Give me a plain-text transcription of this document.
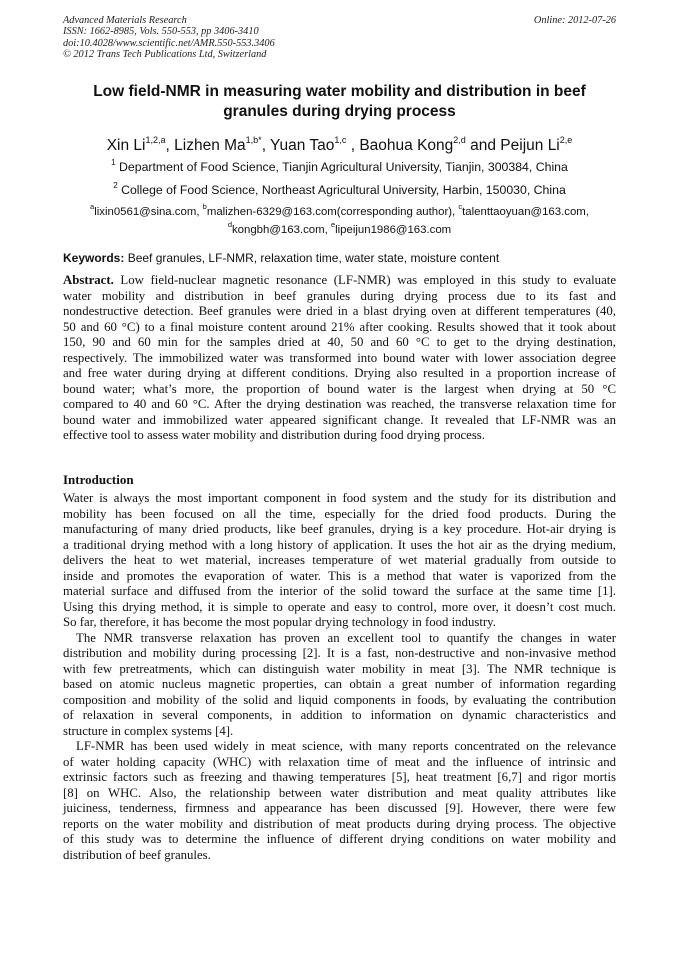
Advanced Materials Research
ISSN: 1662-8985, Vols. 550-553, pp 3406-3410
doi:10.4028/www.scientific.net/AMR.550-553.3406
© 2012 Trans Tech Publications Ltd, Switzerland
Online: 2012-07-26
Low field-NMR in measuring water mobility and distribution in beef
granules during drying process
Xin Li$^{1,2,a}$, Lizhen $Ma^{1,b*}$, Yuan Tao$^{1,c}$ , Baohua Kong$^{2,d}$ and Peijun Li$^{2,e}$
$^1$ Department of Food Science, Tianjin Agricultural University, Tianjin, 300384, China
$^2$ College of Food Science, Northeast Agricultural University, Harbin, 150030, China
$^a$lixin0561@sina.com, $^b$malizhen-6329@163.com(corresponding author), $^c$talenttaoyuan@163.com,
$^d$kongbh@163.com, $^e$lipeijun1986@163.com
Keywords: Beef granules, LF-NMR, relaxation time, water state, moisture content
Abstract. Low field-nuclear magnetic resonance (LF-NMR) was employed in this study to evaluate
water mobility and distribution in beef granules during drying process due to its fast and
nondestructive detection. Beef granules were dried in a blast drying oven at different temperatures (40,
50 and 60 °C) to a final moisture content around 21% after cooking. Results showed that it took about
150, 90 and 60 min for the samples dried at 40, 50 and 60 °C to get to the drying destination,
respectively. The immobilized water was transformed into bound water with lower association degree
and free water during drying at different conditions. Drying also resulted in a proportion increase of
bound water; what’s more, the proportion of bound water is the largest when drying at 50 °C
compared to 40 and 60 °C. After the drying destination was reached, the transverse relaxation time for
bound water and immobilized water appeared significant change. It revealed that LF-NMR was an
effective tool to assess water mobility and distribution during food drying process.
Introduction
Water is always the most important component in food system and the study for its distribution and
mobility has been focused on all the time, especially for the dried food products. During the
manufacturing of many dried products, like beef granules, drying is a key procedure. Hot-air drying is
a traditional drying method with a long history of application. It uses the hot air as the drying medium,
delivers the heat to wet material, increases temperature of wet material gradually from outside to
inside and promotes the evaporation of water. This is a method that water is vaporized from the
material surface and diffused from the interior of the solid toward the surface at the same time [1].
Using this drying method, it is simple to operate and easy to control, more over, it doesn’t cost much.
So far, therefore, it has become the most popular drying technology in food industry.
The NMR transverse relaxation has proven an excellent tool to quantify the changes in water
distribution and mobility during processing [2]. It is a fast, non-destructive and non-invasive method
with few pretreatments, which can distinguish water mobility in meat [3]. The NMR technique is
based on atomic nucleus magnetic properties, can obtain a great number of information regarding
composition and mobility of the solid and liquid components in foods, by evaluating the contribution
of relaxation in several components, in addition to information on dynamic characteristics and
structure in complex systems [4].
LF-NMR has been used widely in meat science, with many reports concentrated on the relevance
of water holding capacity (WHC) with relaxation time of meat and the influence of intrinsic and
extrinsic factors such as freezing and thawing temperatures [5], heat treatment [6,7] and rigor mortis
[8] on WHC. Also, the relationship between water distribution and meat quality attributes like
juiciness, tenderness, firmness and appearance has been discussed [9]. However, there were few
reports on the water mobility and distribution of meat products during drying process. The objective
of this study was to determine the influence of different drying conditions on water mobility and
distribution of beef granules.
